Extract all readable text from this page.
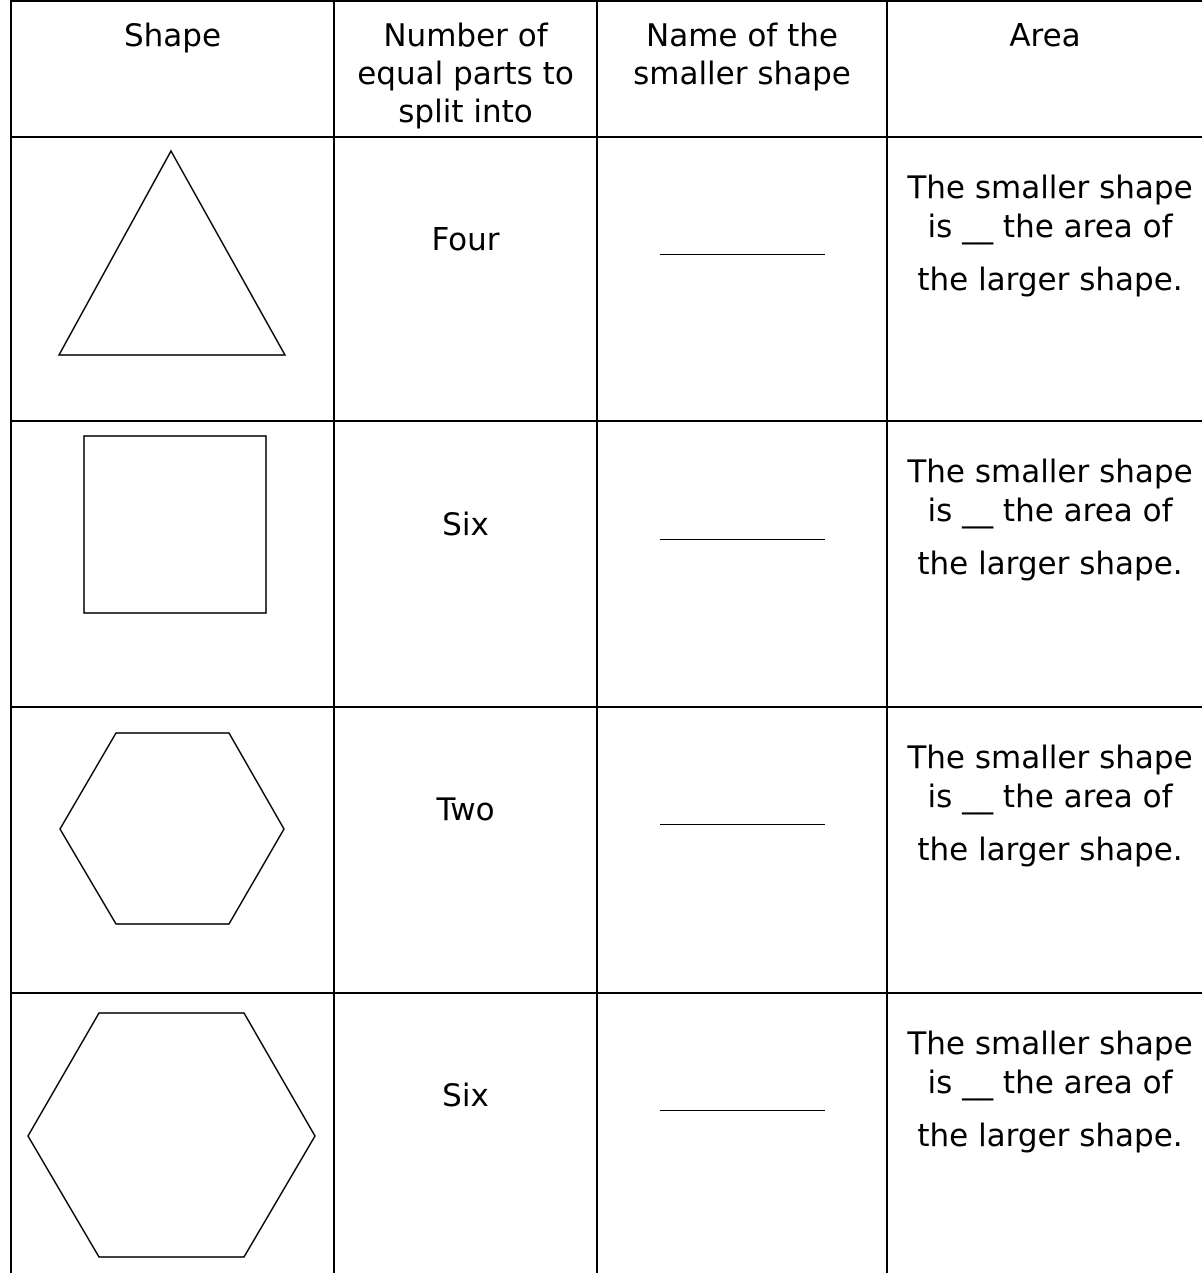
Shape	Number of
equal parts to
split into
Name of the
smaller shape
Area
Four
The smaller shape
is __ the area of
the larger shape.
Six
The smaller shape
is __ the area of
the larger shape.
Two
The smaller shape
is __ the area of
the larger shape.
Six
The smaller shape
is __ the area of
the larger shape.
